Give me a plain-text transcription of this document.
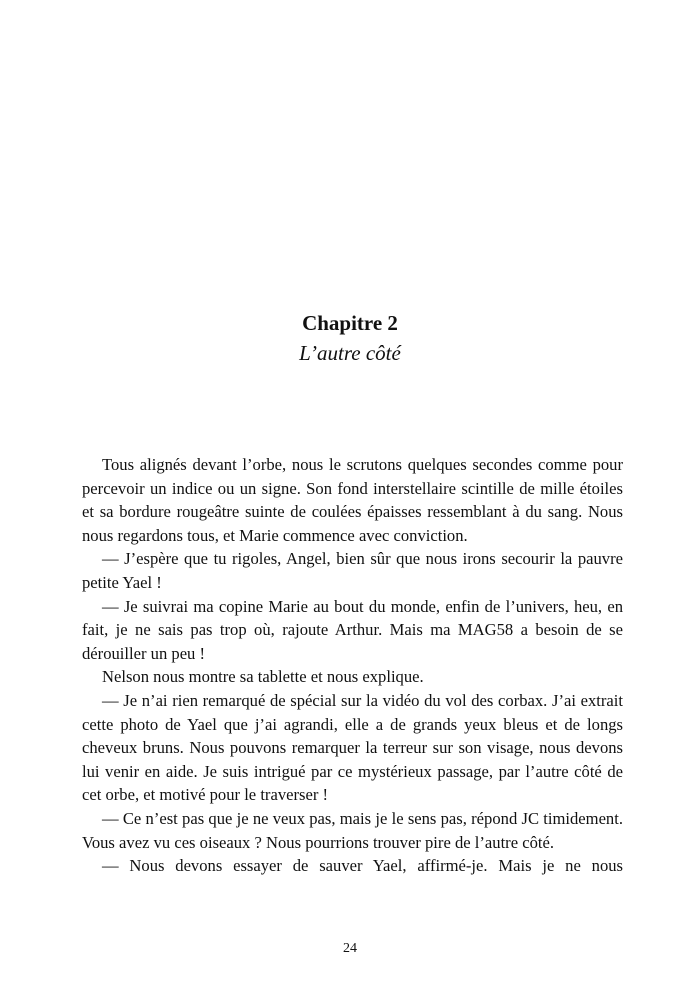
Chapitre 2

L’autre côté

Tous alignés devant l’orbe, nous le scrutons quelques secondes comme pour percevoir un indice ou un signe. Son fond interstellaire scintille de mille étoiles et sa bordure rougeâtre suinte de coulées épaisses ressemblant à du sang. Nous nous regardons tous, et Marie commence avec conviction.

— J’espère que tu rigoles, Angel, bien sûr que nous irons secourir la pauvre petite Yael !

— Je suivrai ma copine Marie au bout du monde, enfin de l’univers, heu, en fait, je ne sais pas trop où, rajoute Arthur. Mais ma MAG58 a besoin de se dérouiller un peu !

Nelson nous montre sa tablette et nous explique.

— Je n’ai rien remarqué de spécial sur la vidéo du vol des corbax. J’ai extrait cette photo de Yael que j’ai agrandi, elle a de grands yeux bleus et de longs cheveux bruns. Nous pouvons remarquer la terreur sur son visage, nous devons lui venir en aide. Je suis intrigué par ce mystérieux passage, par l’autre côté de cet orbe, et motivé pour le traverser !

— Ce n’est pas que je ne veux pas, mais je le sens pas, répond JC timidement. Vous avez vu ces oiseaux ? Nous pourrions trouver pire de l’autre côté.

— Nous devons essayer de sauver Yael, affirmé-je. Mais je ne nous

24
